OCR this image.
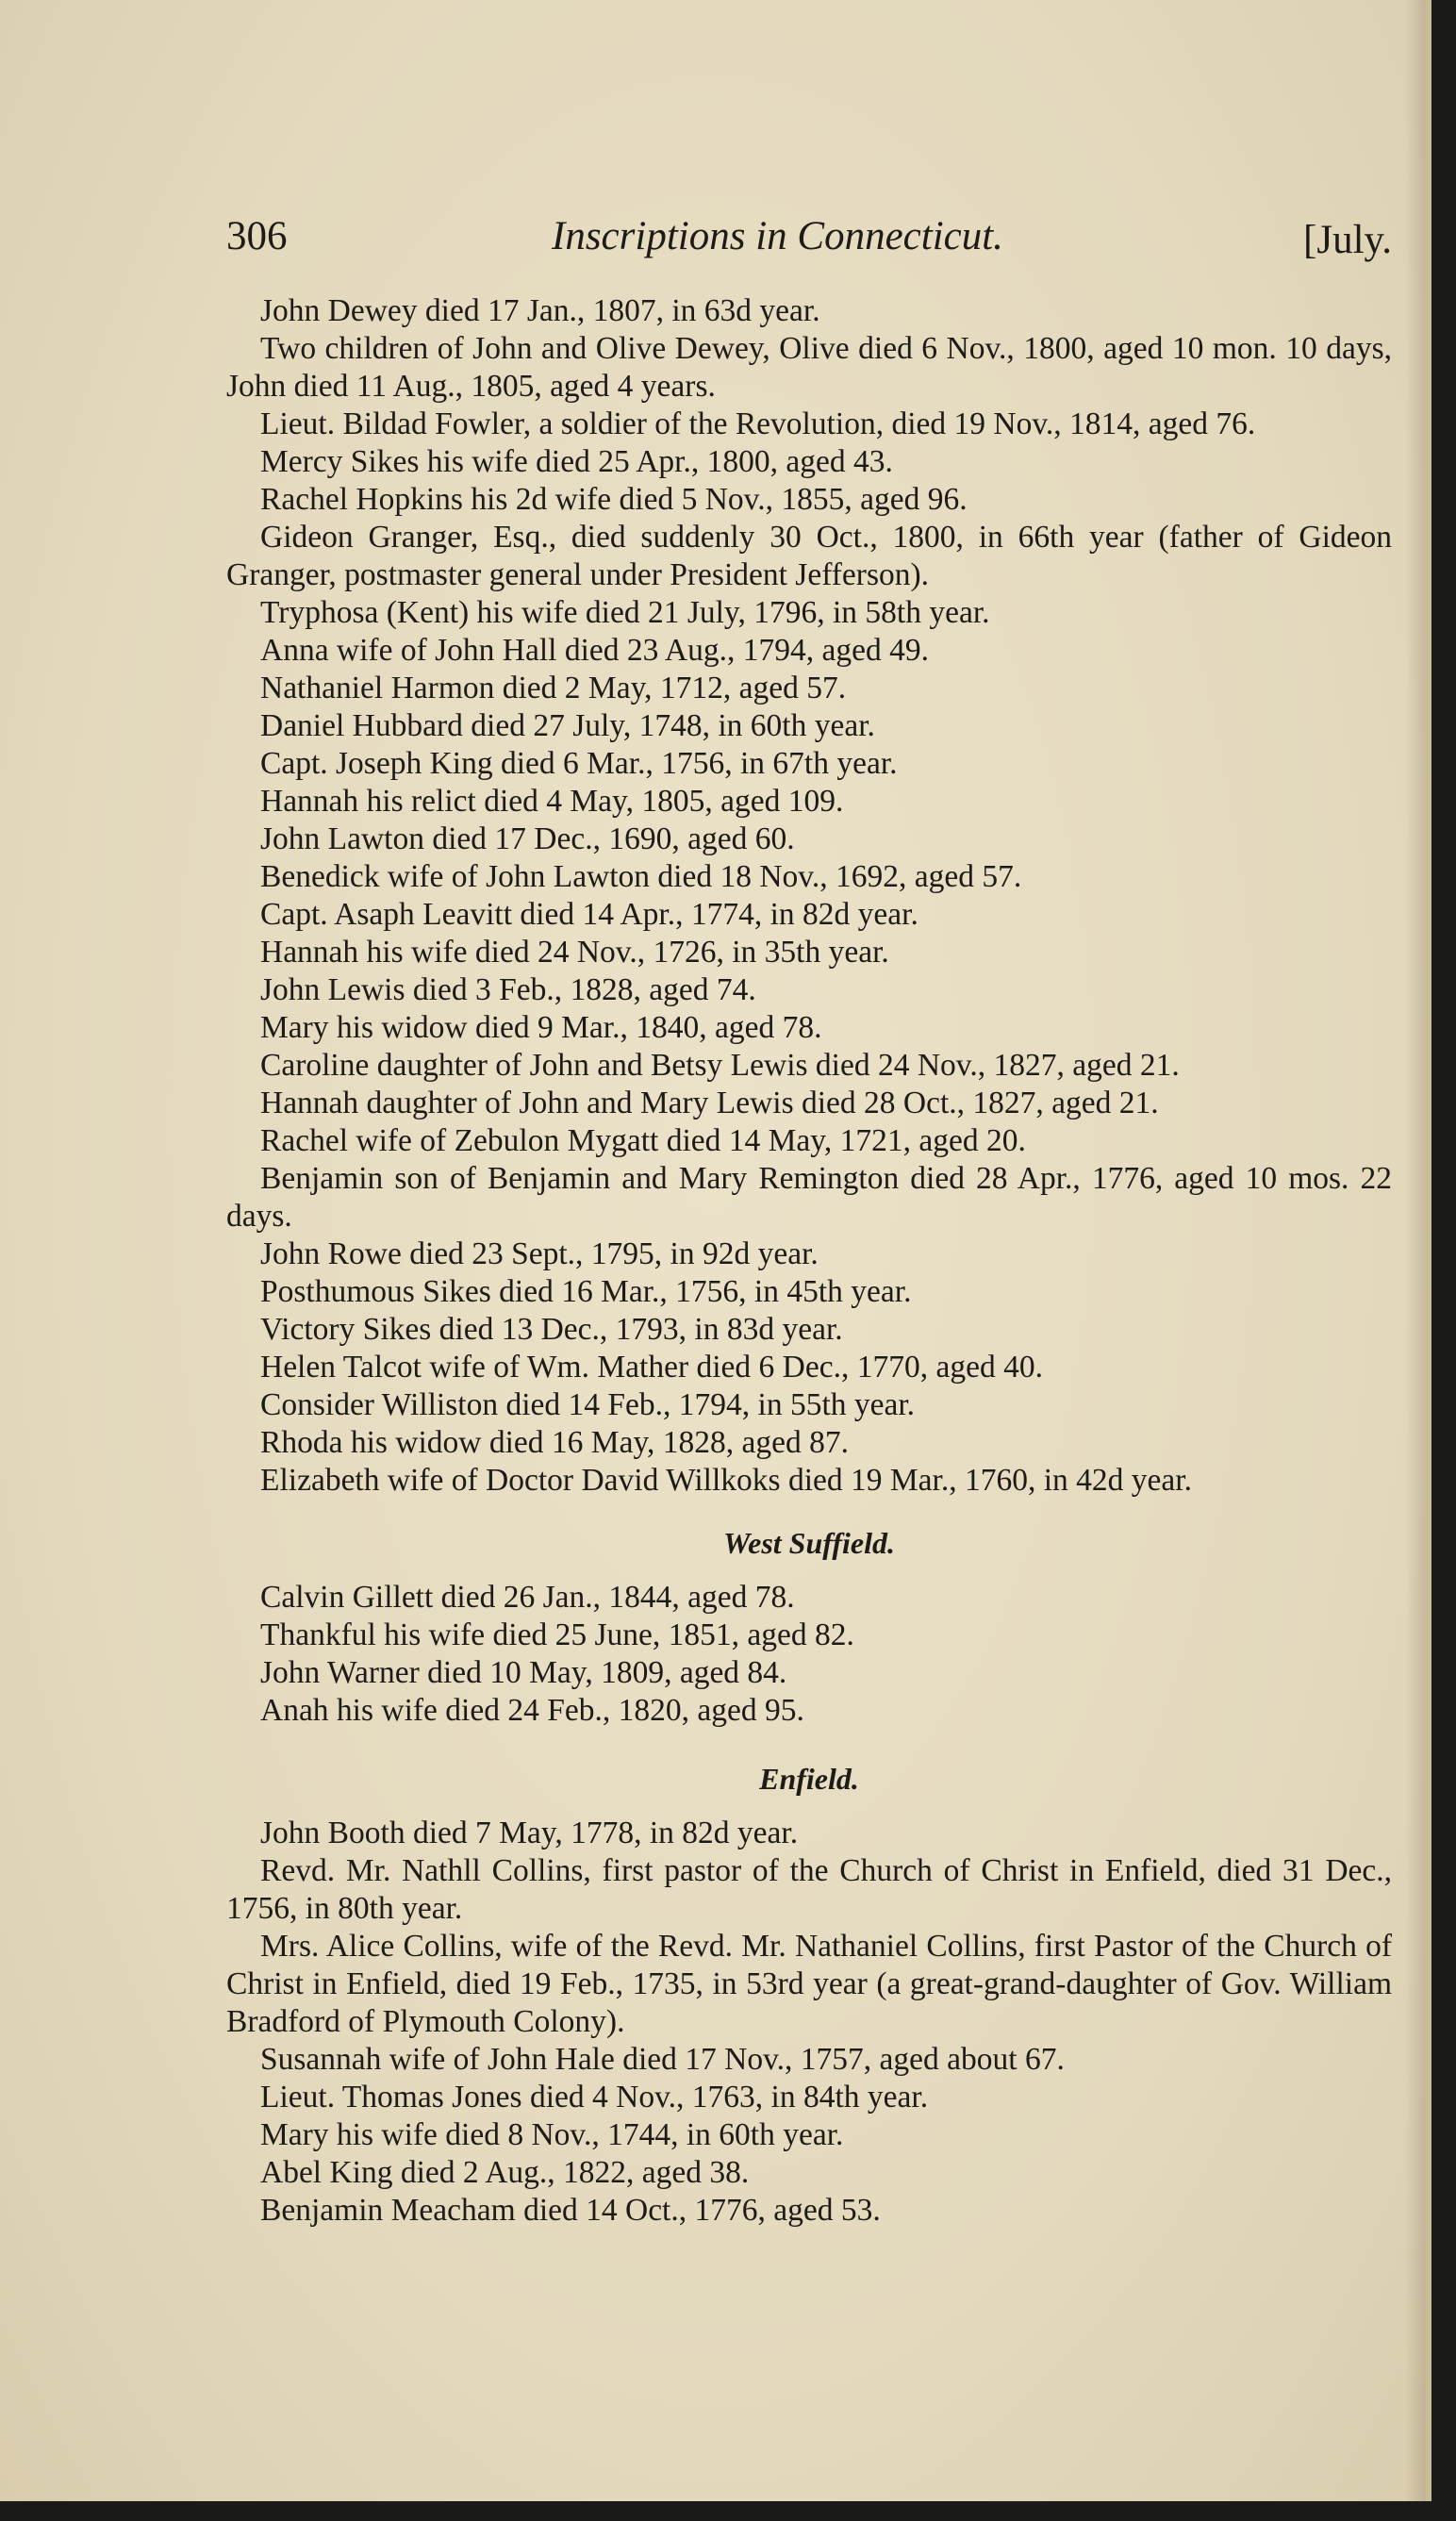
306	Inscriptions in Connecticut.	[July.

John Dewey died 17 Jan., 1807, in 63d year.

Two children of John and Olive Dewey, Olive died 6 Nov., 1800, aged 10 mon. 10 days, John died 11 Aug., 1805, aged 4 years.

Lieut. Bildad Fowler, a soldier of the Revolution, died 19 Nov., 1814, aged 76.

Mercy Sikes his wife died 25 Apr., 1800, aged 43.

Rachel Hopkins his 2d wife died 5 Nov., 1855, aged 96.

Gideon Granger, Esq., died suddenly 30 Oct., 1800, in 66th year (father of Gideon Granger, postmaster general under President Jefferson).

Tryphosa (Kent) his wife died 21 July, 1796, in 58th year.

Anna wife of John Hall died 23 Aug., 1794, aged 49.

Nathaniel Harmon died 2 May, 1712, aged 57.

Daniel Hubbard died 27 July, 1748, in 60th year.

Capt. Joseph King died 6 Mar., 1756, in 67th year.

Hannah his relict died 4 May, 1805, aged 109.

John Lawton died 17 Dec., 1690, aged 60.

Benedick wife of John Lawton died 18 Nov., 1692, aged 57.

Capt. Asaph Leavitt died 14 Apr., 1774, in 82d year.

Hannah his wife died 24 Nov., 1726, in 35th year.

John Lewis died 3 Feb., 1828, aged 74.

Mary his widow died 9 Mar., 1840, aged 78.

Caroline daughter of John and Betsy Lewis died 24 Nov., 1827, aged 21.

Hannah daughter of John and Mary Lewis died 28 Oct., 1827, aged 21.

Rachel wife of Zebulon Mygatt died 14 May, 1721, aged 20.

Benjamin son of Benjamin and Mary Remington died 28 Apr., 1776, aged 10 mos. 22 days.

John Rowe died 23 Sept., 1795, in 92d year.

Posthumous Sikes died 16 Mar., 1756, in 45th year.

Victory Sikes died 13 Dec., 1793, in 83d year.

Helen Talcot wife of Wm. Mather died 6 Dec., 1770, aged 40.

Consider Williston died 14 Feb., 1794, in 55th year.

Rhoda his widow died 16 May, 1828, aged 87.

Elizabeth wife of Doctor David Willkoks died 19 Mar., 1760, in 42d year.

West Suffield.

Calvin Gillett died 26 Jan., 1844, aged 78.

Thankful his wife died 25 June, 1851, aged 82.

John Warner died 10 May, 1809, aged 84.

Anah his wife died 24 Feb., 1820, aged 95.

Enfield.

John Booth died 7 May, 1778, in 82d year.

Revd. Mr. Nathll Collins, first pastor of the Church of Christ in Enfield, died 31 Dec., 1756, in 80th year.

Mrs. Alice Collins, wife of the Revd. Mr. Nathaniel Collins, first Pastor of the Church of Christ in Enfield, died 19 Feb., 1735, in 53rd year (a great-grand-daughter of Gov. William Bradford of Plymouth Colony).

Susannah wife of John Hale died 17 Nov., 1757, aged about 67.

Lieut. Thomas Jones died 4 Nov., 1763, in 84th year.

Mary his wife died 8 Nov., 1744, in 60th year.

Abel King died 2 Aug., 1822, aged 38.

Benjamin Meacham died 14 Oct., 1776, aged 53.
